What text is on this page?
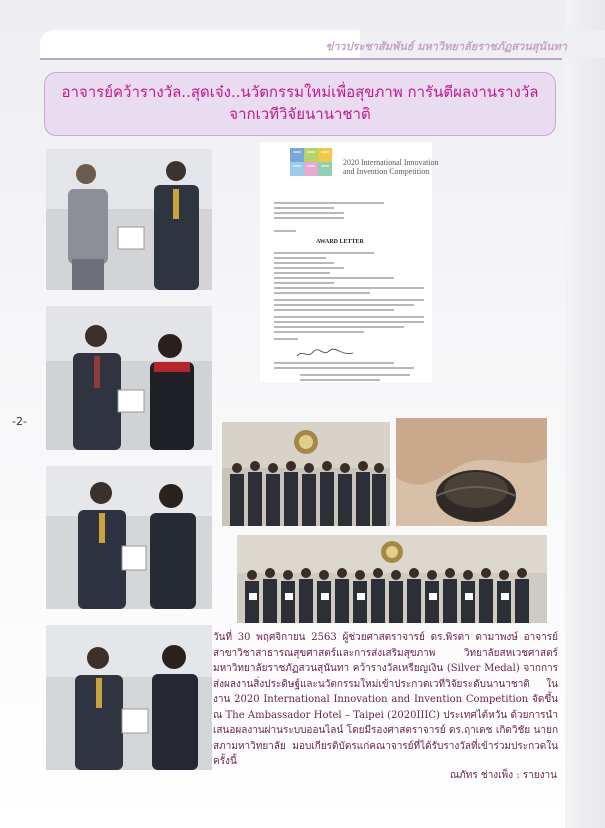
ข่าวประชาสัมพันธ์ มหาวิทยาลัยราชภัฏสวนสุนันทา
-2-
อาจารย์คว้ารางวัล..สุดเจ๋ง..นวัตกรรมใหม่เพื่อสุขภาพ การันตีผลงานรางวัล
จากเวทีวิจัยนานาชาติ
2020 International Innovation
and Invention Competition
AWARD LETTER

วันที่ 30 พฤศจิกายน 2563 ผู้ช่วยศาสตราจารย์ ดร.พิรดา ดามาพงษ์ อาจารย์สาขาวิชาสาธารณสุขศาสตร์และการส่งเสริมสุขภาพ วิทยาลัยสหเวชศาสตร์ มหาวิทยาลัยราชภัฏสวนสุนันทา คว้ารางวัลเหรียญเงิน (Silver Medal) จากการส่งผลงานสิ่งประดิษฐ์และนวัตกรรมใหม่เข้าประกวดเวทีวิจัยระดับนานาชาติ ในงาน 2020 International Innovation and Invention Competition จัดขึ้น ณ The Ambassador Hotel – Taipei (2020IIIC) ประเทศไต้หวัน ด้วยการนำเสนอผลงานผ่านระบบออนไลน์ โดยมีรองศาสตราจารย์ ดร.ฤาเดช เกิดวิชัย นายกสภามหาวิทยาลัย มอบเกียรติบัตรแก่คณาจารย์ที่ได้รับรางวัลที่เข้าร่วมประกวดในครั้งนี้

ณภัทร ช่างเพ็ง : รายงาน
